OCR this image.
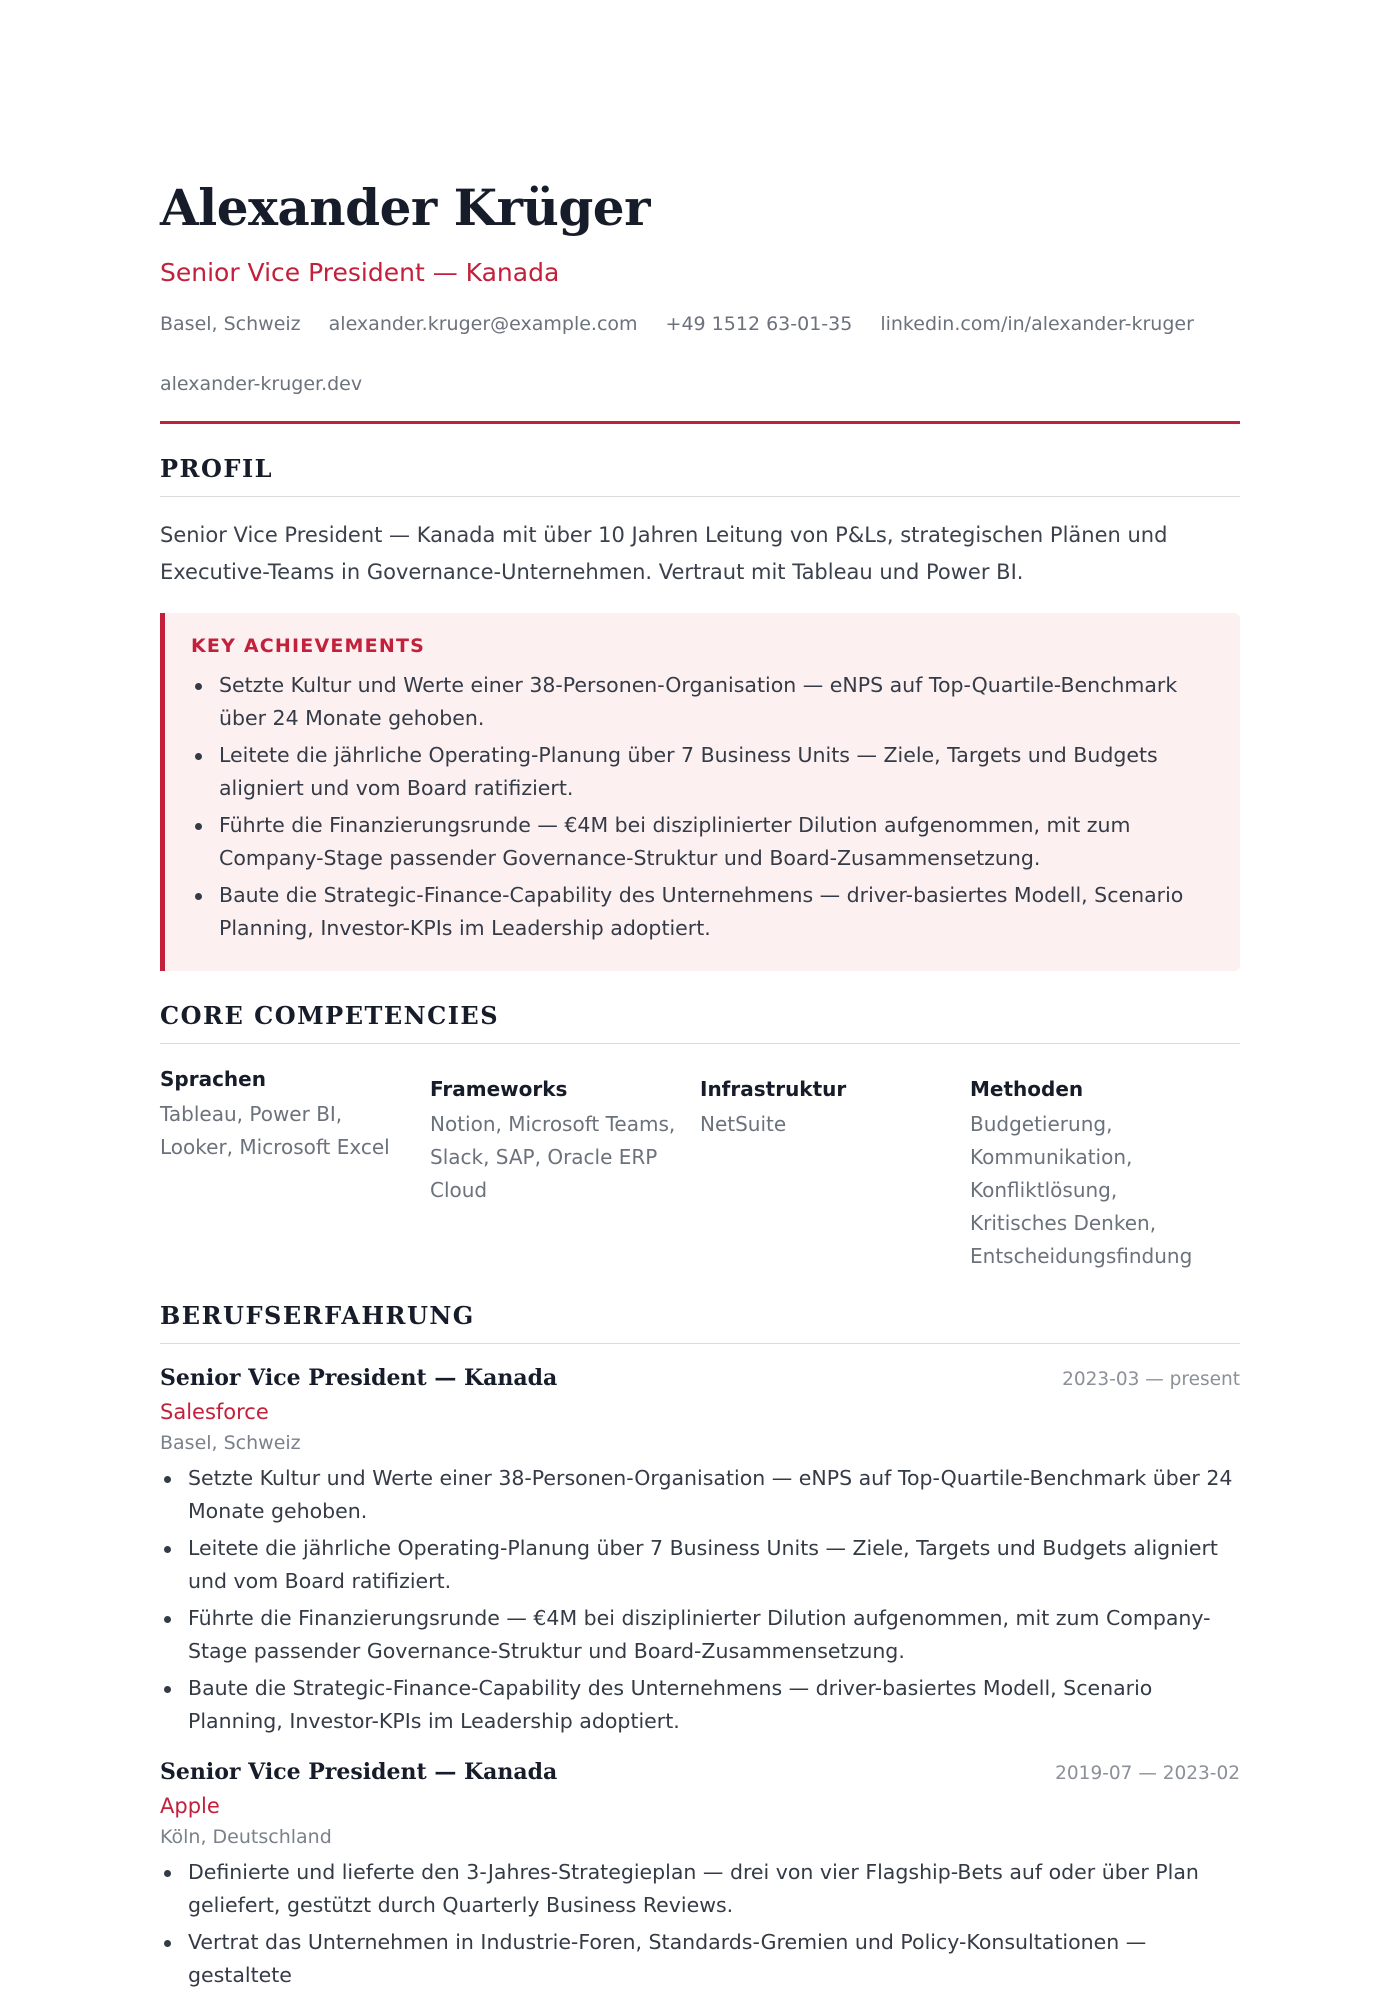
Alexander Krüger
Senior Vice President — Kanada
Basel, Schweiz alexander.kruger@example.com +49 1512 63-01-35 linkedin.com/in/alexander-kruger
alexander-kruger.dev
PROFIL
Senior Vice President — Kanada mit über 10 Jahren Leitung von P&Ls, strategischen Plänen und Executive-Teams in Governance-Unternehmen. Vertraut mit Tableau und Power BI.
KEY ACHIEVEMENTS
Setzte Kultur und Werte einer 38-Personen-Organisation — eNPS auf Top-Quartile-Benchmark über 24 Monate gehoben.
Leitete die jährliche Operating-Planung über 7 Business Units — Ziele, Targets und Budgets aligniert und vom Board ratifiziert.
Führte die Finanzierungsrunde — €4M bei disziplinierter Dilution aufgenommen, mit zum Company-Stage passender Governance-Struktur und Board-Zusammensetzung.
Baute die Strategic-Finance-Capability des Unternehmens — driver-basiertes Modell, Scenario Planning, Investor-KPIs im Leadership adoptiert.
CORE COMPETENCIES
Sprachen
Tableau, Power BI, Looker, Microsoft Excel
Frameworks
Notion, Microsoft Teams, Slack, SAP, Oracle ERP Cloud
Infrastruktur
NetSuite
Methoden
Budgetierung, Kommunikation, Konfliktlösung, Kritisches Denken, Entscheidungsfindung
BERUFSERFAHRUNG
Senior Vice President — Kanada	2023-03 — present
Salesforce
Basel, Schweiz
Setzte Kultur und Werte einer 38-Personen-Organisation — eNPS auf Top-Quartile-Benchmark über 24 Monate gehoben.
Leitete die jährliche Operating-Planung über 7 Business Units — Ziele, Targets und Budgets aligniert und vom Board ratifiziert.
Führte die Finanzierungsrunde — €4M bei disziplinierter Dilution aufgenommen, mit zum Company-Stage passender Governance-Struktur und Board-Zusammensetzung.
Baute die Strategic-Finance-Capability des Unternehmens — driver-basiertes Modell, Scenario Planning, Investor-KPIs im Leadership adoptiert.
Senior Vice President — Kanada	2019-07 — 2023-02
Apple
Köln, Deutschland
Definierte und lieferte den 3-Jahres-Strategieplan — drei von vier Flagship-Bets auf oder über Plan geliefert, gestützt durch Quarterly Business Reviews.
Vertrat das Unternehmen in Industrie-Foren, Standards-Gremien und Policy-Konsultationen — gestaltete
